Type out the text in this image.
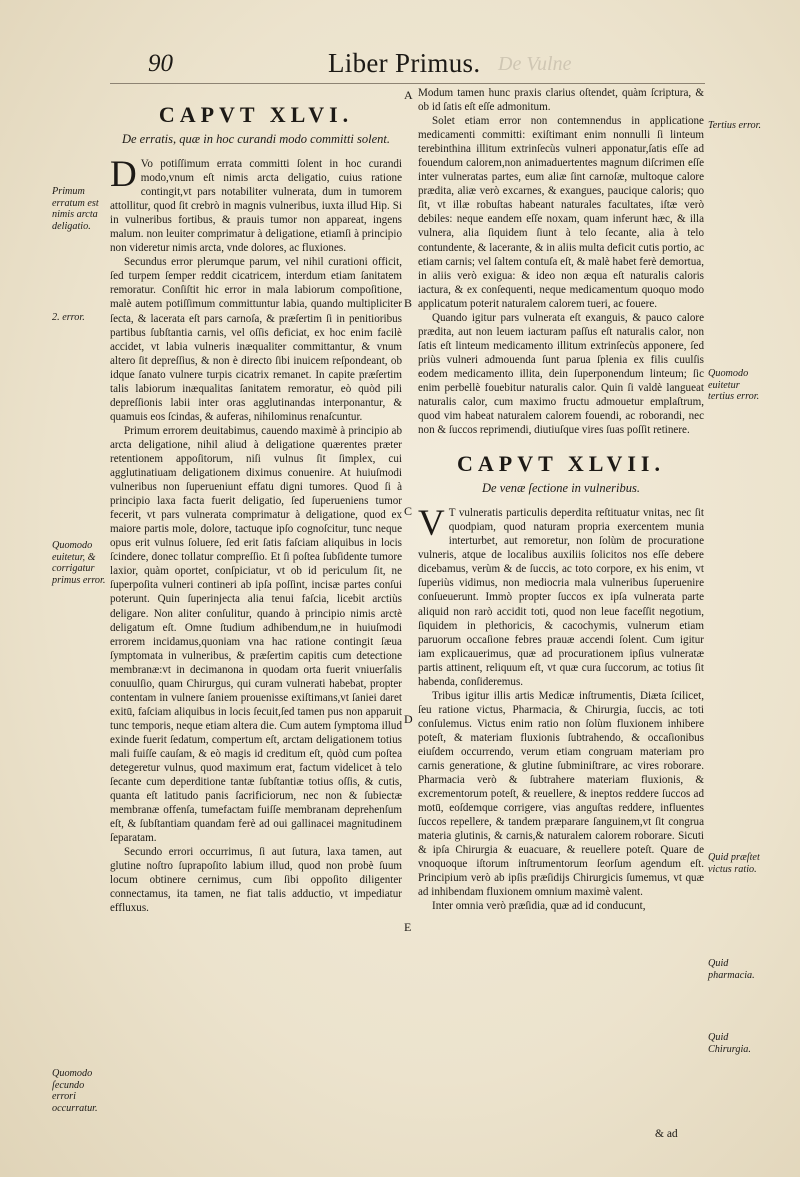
90	Liber Primus. De Vulne
CAPVT XLVI.
De erratis, quæ in hoc curandi modo committi solent.

D Vo potiſſimum errata committi ſolent in hoc curandi modo,vnum eſt nimis arcta deligatio, cuius ratione contingit,vt pars notabiliter vulnerata, dum in tumorem attollitur, quod ſit crebrò in magnis vulneribus, iuxta illud Hip. Si in vulneribus fortibus, & prauis tumor non appareat, ingens malum. non leuiter comprimatur à deligatione, etiamſi à principio non videretur nimis arcta, vnde dolores, ac fluxiones.

Secundus error plerumque parum, vel nihil curationi officit, ſed turpem ſemper reddit cicatricem, interdum etiam ſanitatem remoratur. Conſiſtit hic error in mala labiorum compoſitione, malè autem potiſſimum committuntur labia, quando multipliciter ſecta, & lacerata eſt pars carnoſa, & præſertim ſi in penitioribus partibus ſubſtantia carnis, vel oſſis deficiat, ex hoc enim facilè accidet, vt labia vulneris inæqualiter committantur, & vnum altero ſit depreſſius, & non è directo ſibi inuicem reſpondeant, ob idque ſanato vulnere turpis cicatrix remanet. In capite præſertim talis labiorum inæqualitas ſanitatem remoratur, eò quòd pili depreſſionis labii inter oras agglutinandas interponantur, & quamuis eos ſcindas, & auferas, nihilominus renaſcuntur.

Primum errorem deuitabimus, cauendo maximè à principio ab arcta deligatione, nihil aliud à deligatione quærentes præter retentionem appoſitorum, niſi vulnus ſit ſimplex, cui agglutinatiuam deligationem diximus conuenire. At huiuſmodi vulneribus non ſuperueniunt effatu digni tumores. Quod ſi à principio laxa facta fuerit deligatio, ſed ſuperueniens tumor fecerit, vt pars vulnerata comprimatur à deligatione, quod ex maiore partis mole, dolore, tactuque ipſo cognoſcitur, tunc neque opus erit vulnus ſoluere, ſed erit ſatis faſciam aliquibus in locis ſcindere, donec tollatur compreſſio. Et ſi poſtea ſubſidente tumore laxior, quàm oportet, conſpiciatur, vt ob id periculum ſit, ne ſuperpoſita vulneri contineri ab ipſa poſſint, incisæ partes conſui poterunt. Quin ſuperinjecta alia tenui faſcia, licebit arctiùs deligare. Non aliter conſulitur, quando à principio nimis arctè deligatum eſt. Omne ſtudium adhibendum,ne in huiuſmodi errorem incidamus,quoniam vna hac ratione contingit ſæua ſymptomata in vulneribus, & præſertim capitis cum detectione membranæ:vt in decimanona in quodam orta fuerit vniuerſalis conuulſio, quam Chirurgus, qui curam vulnerati habebat, propter contentam in vulnere ſaniem prouenisse exiſtimans,vt ſaniei daret exitū, faſciam aliquibus in locis ſecuit,ſed tamen pus non apparuit tunc temporis, neque etiam altera die. Cum autem ſymptoma illud exinde fuerit ſedatum, compertum eſt, arctam deligationem totius mali fuiſſe cauſam, & eò magis id creditum eſt, quòd cum poſtea detegeretur vulnus, quod maximum erat, factum videlicet à telo ſecante cum deperditione tantæ ſubſtantiæ totius oſſis, & cutis, quanta eſt latitudo panis ſacrificiorum, nec non & ſubiectæ membranæ offenſa, tumefactam fuiſſe membranam deprehenſum eſt, & ſubſtantiam quandam ferè ad oui gallinacei magnitudinem ſeparatam.

Secundo errori occurrimus, ſi aut ſutura, laxa tamen, aut glutine noſtro ſuprapoſito labium illud, quod non probè ſuum locum obtinere cernimus, cum ſibi oppoſito diligenter connectamus, ita tamen, ne fiat talis adductio, vt impediatur effluxus.

Modum tamen hunc praxis clarius oſtendet, quàm ſcriptura, & ob id ſatis eſt eſſe admonitum.

Solet etiam error non contemnendus in applicatione medicamenti committi: exiſtimant enim nonnulli ſi linteum terebinthina illitum extrinſecùs vulneri apponatur,ſatis eſſe ad fouendum calorem,non animaduertentes magnum diſcrimen eſſe inter vulneratas partes, eum aliæ ſint carnoſæ, multoque calore prædita, aliæ verò excarnes, & exangues, paucique caloris; quo ſit, vt illæ robuſtas habeant naturales facultates, iſtæ verò debiles: neque eandem eſſe noxam, quam inferunt hæc, & illa vulnera, alia ſiquidem ſiunt à telo ſecante, alia à telo contundente, & lacerante, & in aliis multa deficit cutis portio, ac etiam carnis; vel ſaltem contuſa eſt, & malè habet ferè demortua, in aliis verò exigua: & ideo non æqua eſt naturalis caloris iactura, & ex conſequenti, neque medicamentum quoquo modo applicatum poterit naturalem calorem tueri, ac fouere.

Quando igitur pars vulnerata eſt exanguis, & pauco calore prædita, aut non leuem iacturam paſſus eſt naturalis calor, non ſatis eſt linteum medicamento illitum extrinſecùs apponere, ſed priùs vulneri admouenda ſunt parua ſplenia ex filis cuulſis eodem medicamento illita, dein ſuperponendum linteum; ſic enim perbellè fouebitur naturalis calor. Quin ſi valdè langueat naturalis calor, cum maximo fructu admouetur emplaſtrum, quod vim habeat naturalem calorem fouendi, ac roborandi, nec non & ſuccos reprimendi, diutiuſque vires ſuas poſſit retinere.

CAPVT XLVII.
De venæ ſectione in vulneribus.

V T vulneratis particulis deperdita reſtituatur vnitas, nec ſit quodpiam, quod naturam propria exercentem munia interturbet, aut remoretur, non ſolùm de procuratione vulneris, atque de localibus auxiliis ſolicitos nos eſſe debere dicebamus, verùm & de ſuccis, ac toto corpore, ex his enim, vt ſuperiùs vidimus, non mediocria mala vulneribus ſuperuenire conſueuerunt. Immò propter ſuccos ex ipſa vulnerata parte aliquid non rarò accidit toti, quod non leue faceſſit negotium, ſiquidem in plethoricis, & cacochymis, vulnerum etiam paruorum occaſione febres prauæ accendi ſolent. Cum igitur iam explicauerimus, quæ ad procurationem ipſius vulneratæ partis attinent, reliquum eſt, vt quæ cura ſuccorum, ac totius ſit habenda, conſideremus.

Tribus igitur illis artis Medicæ inſtrumentis, Diæta ſcilicet, ſeu ratione victus, Pharmacia, & Chirurgia, ſuccis, ac toti conſulemus. Victus enim ratio non ſolùm fluxionem inhibere poteſt, & materiam fluxionis ſubtrahendo, & occaſionibus eiuſdem occurrendo, verum etiam congruam materiam pro carnis generatione, & glutine ſubminiſtrare, ac vires roborare. Pharmacia verò & ſubtrahere materiam fluxionis, & excrementorum poteſt, & reuellere, & ineptos reddere ſuccos ad motū, eoſdemque corrigere, vias anguſtas reddere, influentes ſuccos repellere, & tandem præparare ſanguinem,vt ſit congrua materia glutinis, & carnis,& naturalem calorem roborare. Sicuti & ipſa Chirurgia & euacuare, & reuellere poteſt. Quare de vnoquoque iſtorum inſtrumentorum ſeorſum agendum eſt. Principium verò ab ipſis præſidijs Chirurgicis ſumemus, vt quæ ad inhibendam fluxionem omnium maximè valent.

Inter omnia verò præſidia, quæ ad id conducunt,

& ad
Primum erratum est nimis arcta deligatio.
2. error.
Quomodo euitetur, & corrigatur primus error.
Quomodo ſecundo errori occurratur.
Tertius error.
Quomodo euitetur tertius error.
Quid præſtet victus ratio.
Quid pharmacia.
Quid Chirurgia.
A
B
C
D
E
